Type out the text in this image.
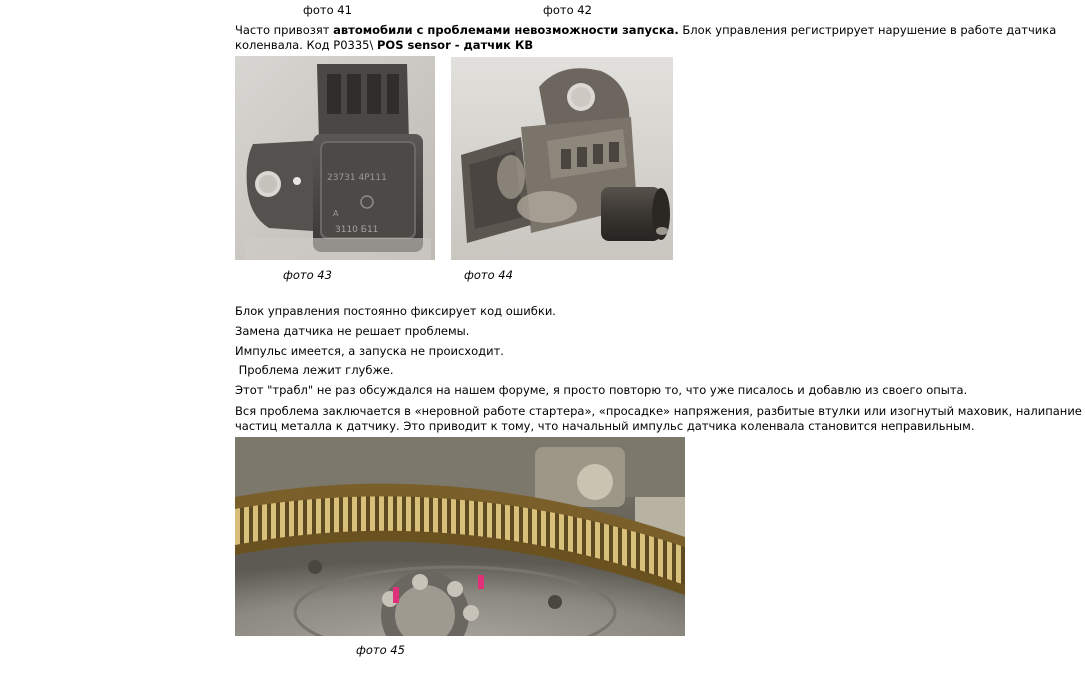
фото 41	фото 42
Часто привозят автомобили с проблемами невозможности запуска. Блок управления регистрирует нарушение в работе датчика
коленвала. Код P0335\ POS sensor - датчик КВ
23731 4P111
A
3110 Б11
фото 43	фото 44
Блок управления постоянно фиксирует код ошибки.
Замена датчика не решает проблемы.
Импульс имеется, а запуска не происходит.
Проблема лежит глубже.
Этот "трабл" не раз обсуждался на нашем форуме, я просто повторю то, что уже писалось и добавлю из своего опыта.
Вся проблема заключается в «неровной работе стартера», «просадке» напряжения, разбитые втулки или изогнутый маховик, налипание
частиц металла к датчику. Это приводит к тому, что начальный импульс датчика коленвала становится неправильным.
фото 45
